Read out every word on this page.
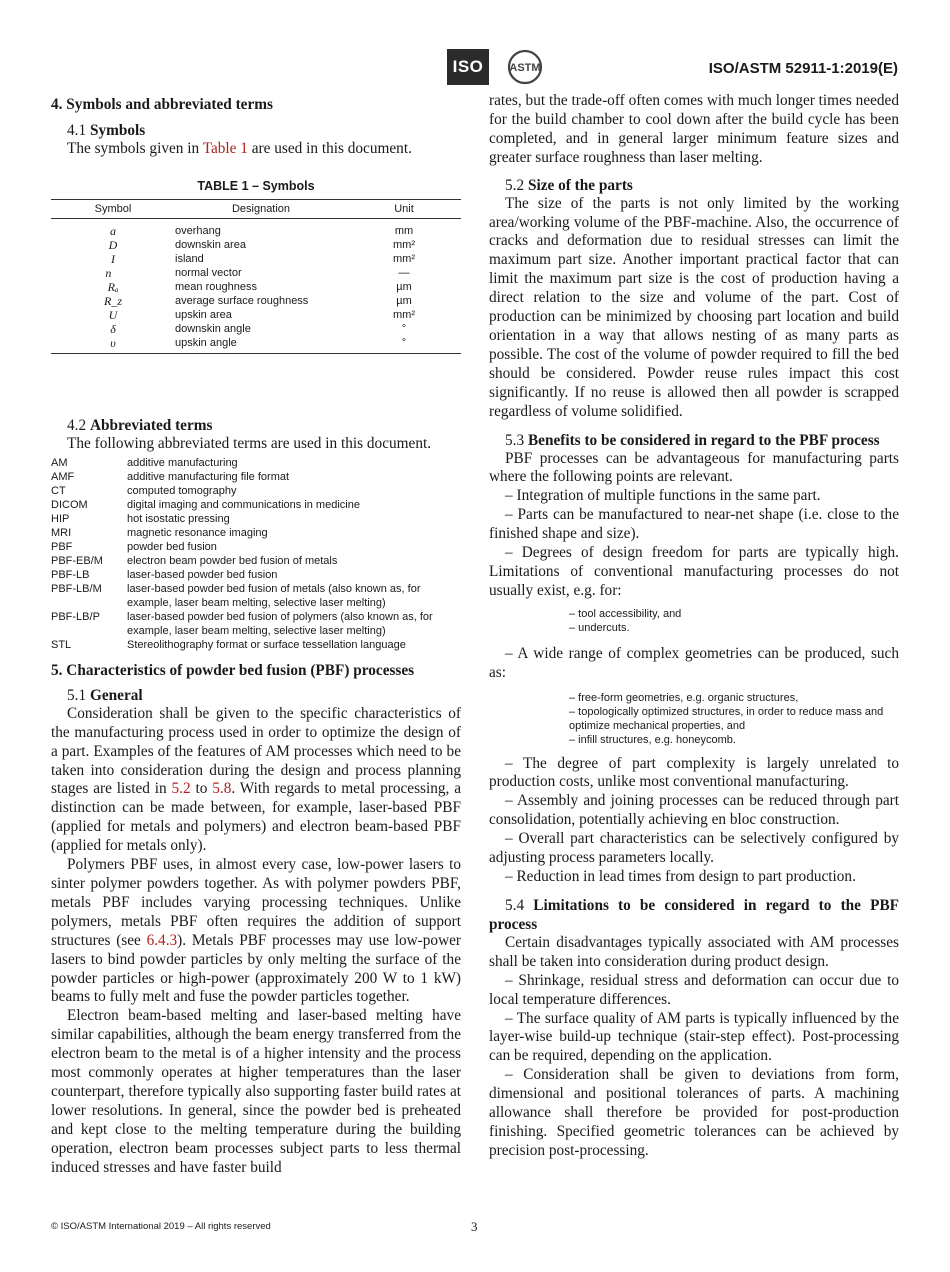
ISO	ASTM	ISO/ASTM 52911-1:2019(E)
4. Symbols and abbreviated terms
4.1 Symbols

The symbols given in Table 1 are used in this document.

TABLE 1 – Symbols
Symbol	Designation	Unit
a	overhang	mm
D	downskin area	mm²
I	island	mm²
n⃗	normal vector	—
Rₐ	mean roughness	µm
R_z	average surface roughness	µm
U	upskin area	mm²
δ	downskin angle	°
υ	upskin angle	°
4.2 Abbreviated terms

The following abbreviated terms are used in this document.

AM	additive manufacturing
AMF	additive manufacturing file format
CT	computed tomography
DICOM	digital imaging and communications in medicine
HIP	hot isostatic pressing
MRI	magnetic resonance imaging
PBF	powder bed fusion
PBF-EB/M	electron beam powder bed fusion of metals
PBF-LB	laser-based powder bed fusion
PBF-LB/M	laser-based powder bed fusion of metals (also known as, for example, laser beam melting, selective laser melting)
PBF-LB/P	laser-based powder bed fusion of polymers (also known as, for example, laser beam melting, selective laser melting)
STL	Stereolithography format or surface tessellation language
5. Characteristics of powder bed fusion (PBF) processes
5.1 General

Consideration shall be given to the specific characteristics of the manufacturing process used in order to optimize the design of a part. Examples of the features of AM processes which need to be taken into consideration during the design and process planning stages are listed in 5.2 to 5.8. With regards to metal processing, a distinction can be made between, for example, laser-based PBF (applied for metals and polymers) and electron beam-based PBF (applied for metals only).

Polymers PBF uses, in almost every case, low-power lasers to sinter polymer powders together. As with polymer powders PBF, metals PBF includes varying processing techniques. Unlike polymers, metals PBF often requires the addition of support structures (see 6.4.3). Metals PBF processes may use low-power lasers to bind powder particles by only melting the surface of the powder particles or high-power (approximately 200 W to 1 kW) beams to fully melt and fuse the powder particles together.

Electron beam-based melting and laser-based melting have similar capabilities, although the beam energy transferred from the electron beam to the metal is of a higher intensity and the process most commonly operates at higher temperatures than the laser counterpart, therefore typically also supporting faster build rates at lower resolutions. In general, since the powder bed is preheated and kept close to the melting temperature during the building operation, electron beam processes subject parts to less thermal induced stresses and have faster build

rates, but the trade-off often comes with much longer times needed for the build chamber to cool down after the build cycle has been completed, and in general larger minimum feature sizes and greater surface roughness than laser melting.

5.2 Size of the parts

The size of the parts is not only limited by the working area/working volume of the PBF-machine. Also, the occurrence of cracks and deformation due to residual stresses can limit the maximum part size. Another important practical factor that can limit the maximum part size is the cost of production having a direct relation to the size and volume of the part. Cost of production can be minimized by choosing part location and build orientation in a way that allows nesting of as many parts as possible. The cost of the volume of powder required to fill the bed should be considered. Powder reuse rules impact this cost significantly. If no reuse is allowed then all powder is scrapped regardless of volume solidified.

5.3 Benefits to be considered in regard to the PBF process

PBF processes can be advantageous for manufacturing parts where the following points are relevant.

– Integration of multiple functions in the same part.

– Parts can be manufactured to near-net shape (i.e. close to the finished shape and size).

– Degrees of design freedom for parts are typically high. Limitations of conventional manufacturing processes do not usually exist, e.g. for:

– tool accessibility, and
– undercuts.

– A wide range of complex geometries can be produced, such as:

– free-form geometries, e.g. organic structures,
– topologically optimized structures, in order to reduce mass and optimize mechanical properties, and
– infill structures, e.g. honeycomb.

– The degree of part complexity is largely unrelated to production costs, unlike most conventional manufacturing.

– Assembly and joining processes can be reduced through part consolidation, potentially achieving en bloc construction.

– Overall part characteristics can be selectively configured by adjusting process parameters locally.

– Reduction in lead times from design to part production.

5.4 Limitations to be considered in regard to the PBF process

Certain disadvantages typically associated with AM processes shall be taken into consideration during product design.

– Shrinkage, residual stress and deformation can occur due to local temperature differences.

– The surface quality of AM parts is typically influenced by the layer-wise build-up technique (stair-step effect). Post-processing can be required, depending on the application.

– Consideration shall be given to deviations from form, dimensional and positional tolerances of parts. A machining allowance shall therefore be provided for post-production finishing. Specified geometric tolerances can be achieved by precision post-processing.

© ISO/ASTM International 2019 – All rights reserved	3
